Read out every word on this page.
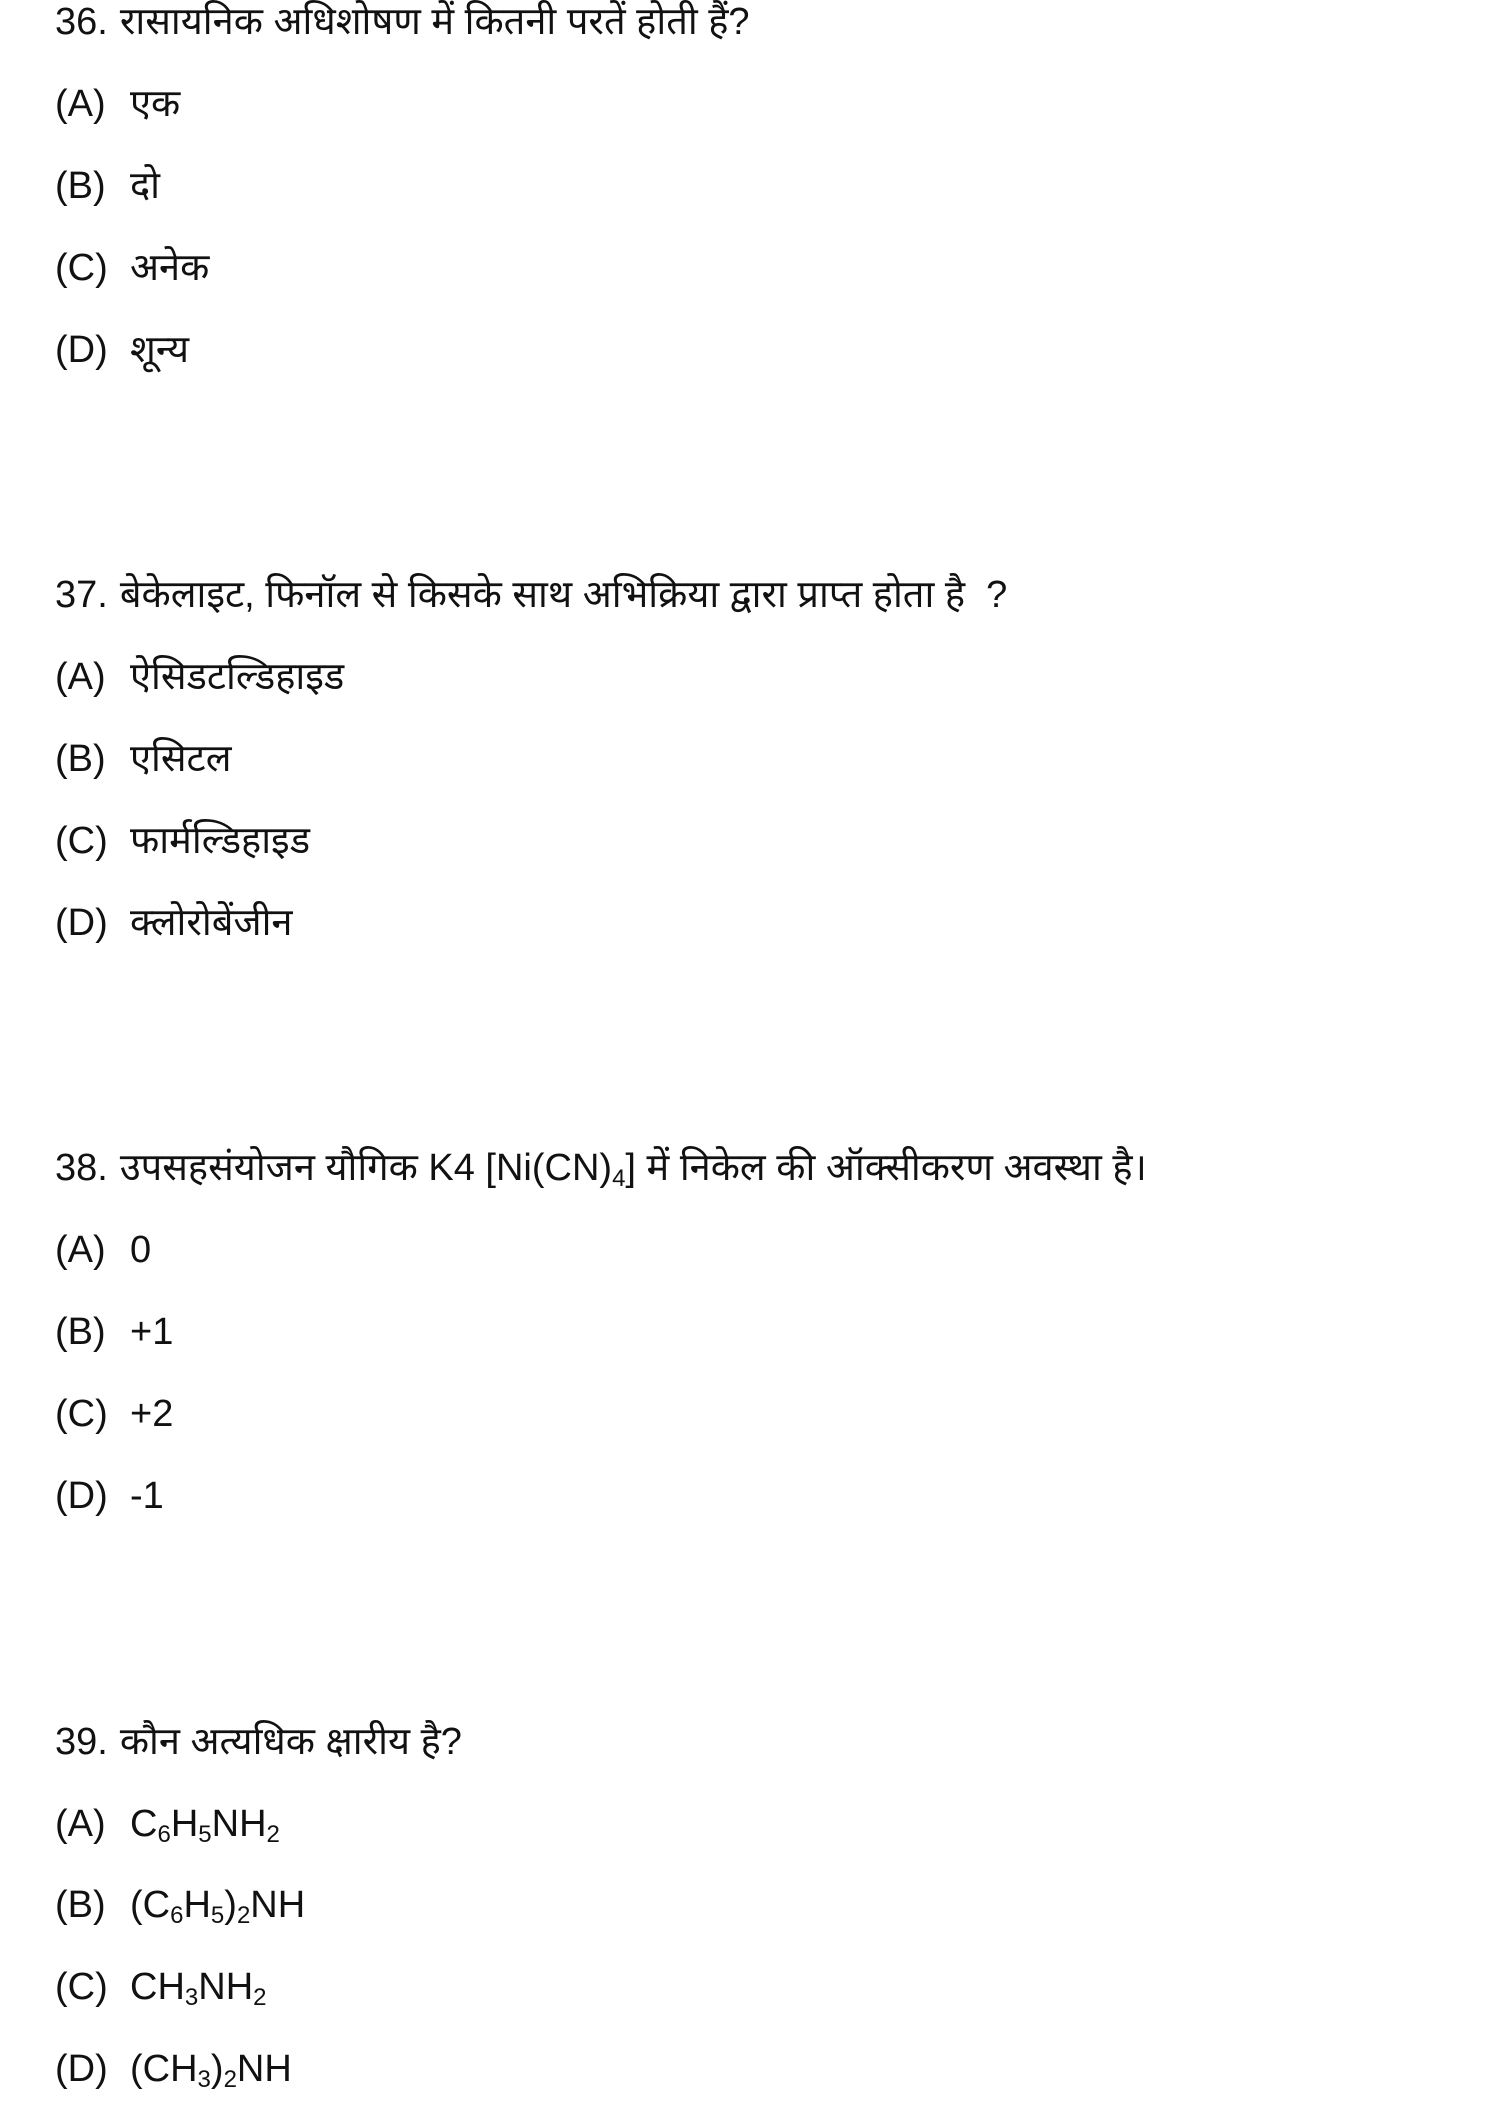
36. रासायनिक अधिशोषण में कितनी परतें होती हैं?
(A) एक
(B) दो
(C) अनेक
(D) शून्य
37. बेकेलाइट, फिनॉल से किसके साथ अभिक्रिया द्वारा प्राप्त होता है  ?
(A) ऐसिडटल्डिहाइड
(B) एसिटल
(C) फार्मल्डिहाइड
(D) क्लोरोबेंजीन
38. उपसहसंयोजन यौगिक K4 $[Ni(CN)_4]$ में निकेल की ऑक्सीकरण अवस्था है।
(A) 0
(B) +1
(C) +2
(D) -1
39. कौन अत्यधिक क्षारीय है?
(A) $C_6H_5NH_2$
(B) $(C_6H_5)_2NH$
(C) $CH_3NH_2$
(D) $(CH_3)_2NH$
